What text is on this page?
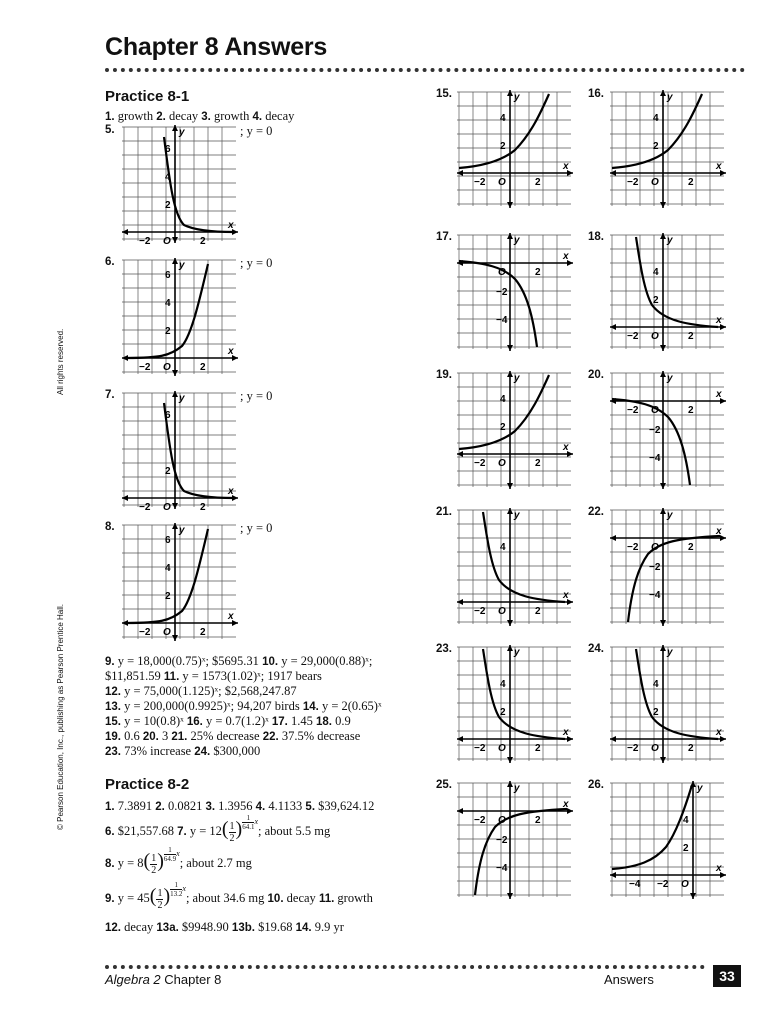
Chapter 8 Answers
All rights reserved.
© Pearson Education, Inc., publishing as Pearson Prentice Hall.
Practice 8-1
1. growth 2. decay 3. growth 4. decay
5.	; y = 0
6.	; y = 0
7.	; y = 0
8.	; y = 0
9. y = 18,000(0.75)ˣ; $5695.31 10. y = 29,000(0.88)ˣ;
$11,851.59 11. y = 1573(1.02)ˣ; 1917 bears
12. y = 75,000(1.125)ˣ; $2,568,247.87
13. y = 200,000(0.9925)ˣ; 94,207 birds 14. y = 2(0.65)ˣ
15. y = 10(0.8)ˣ 16. y = 0.7(1.2)ˣ 17. 1.45 18. 0.9
19. 0.6 20. 3 21. 25% decrease 22. 37.5% decrease
23. 73% increase 24. $300,000
Practice 8-2
1. 7.3891 2. 0.0821 3. 1.3956 4. 4.1133 5. $39,624.12
6. $21,557.68 7. $y = 12( \frac{1}{2}$ ) $^{\frac{1}{64.1} x}$; about 5.5 mg
8. $y = 8( \frac{1}{2}$ ) $^{\frac{1}{64.9} x}$; about 2.7 mg
9. $y = 45( \frac{1}{2}$ ) $^{\frac{1}{13.2} x}$; about 34.6 mg 10. decay 11. growth
12. decay 13a. $9948.90 13b. $19.68 14. 9.9 yr
15.	16.
17.	18.
19.	20.
21.	22.
23.	24.
25.	26.
x
y
O
−2	2
6
4
2
x
y
O
−2	2
6
4
2
x
y
O
−2	2
6
2
x
y
O
−2	2
6
4
2
x
y
O
−2	2
4
2
x
y
O
−2	2
4
2
x
y
O	2
−2
−4	x
y
O
−2	2
4
2
x
y
O
−2	2
4
2
x
y
O
−2	2
−2
−4
x
y
O
−2	2
4
x
y
O
−2	2
−2
−4
x
y
O
−2	2
4
2
x
y
O
−2	2
4
2
x
y
O
−2	2
−2
−4	x
y
O
−4 −2
4
2
Algebra 2 Chapter 8	Answers	33
